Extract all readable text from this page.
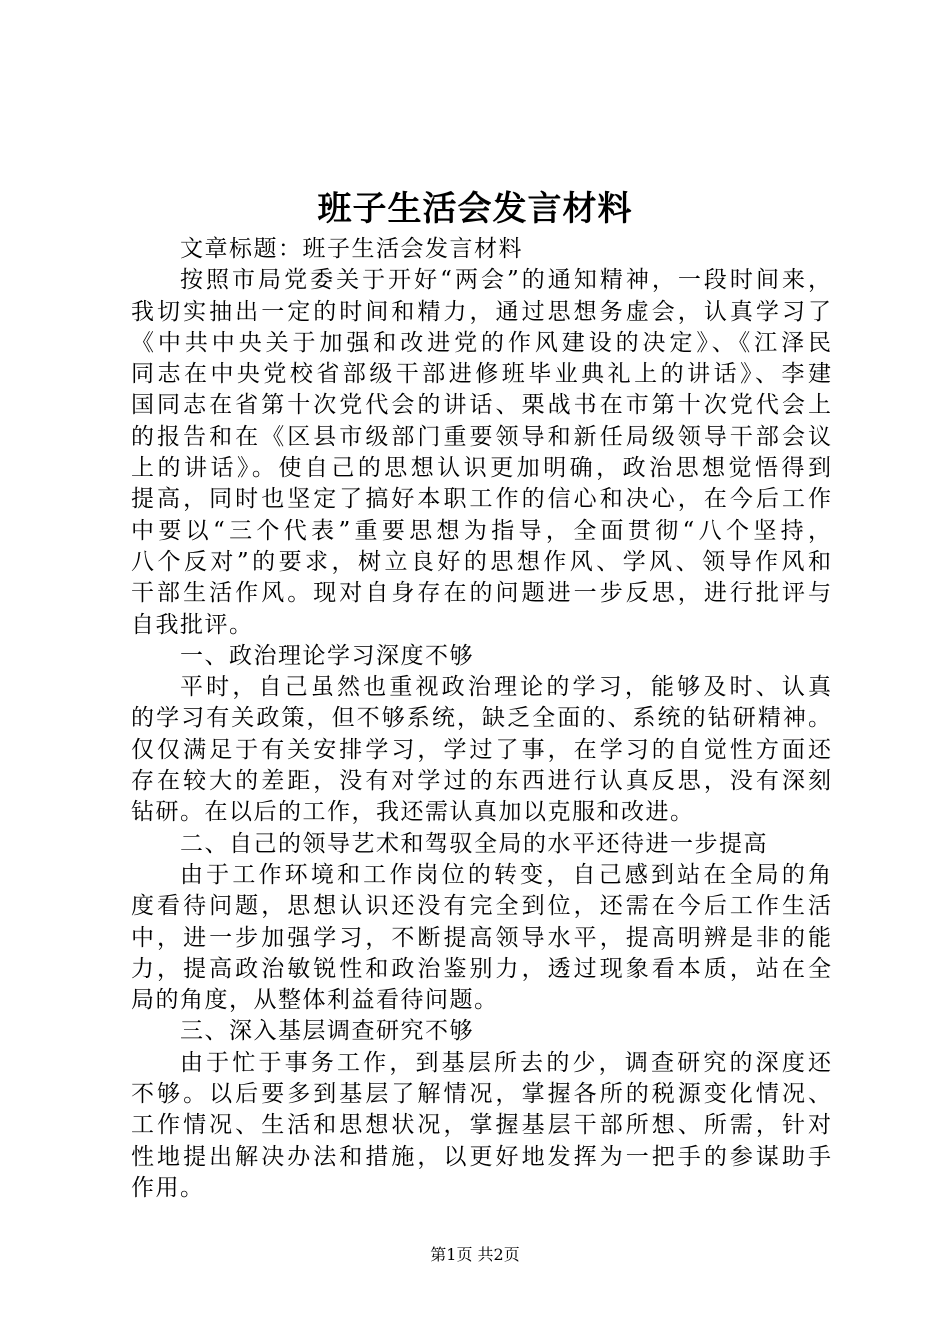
班子生活会发言材料
文章标题：班子生活会发言材料
按照市局党委关于开好“两会”的通知精神，一段时间来，
我切实抽出一定的时间和精力，通过思想务虚会，认真学习了
《中共中央关于加强和改进党的作风建设的决定》、《江泽民
同志在中央党校省部级干部进修班毕业典礼上的讲话》、李建
国同志在省第十次党代会的讲话、栗战书在市第十次党代会上
的报告和在《区县市级部门重要领导和新任局级领导干部会议
上的讲话》。使自己的思想认识更加明确，政治思想觉悟得到
提高，同时也坚定了搞好本职工作的信心和决心，在今后工作
中要以“三个代表”重要思想为指导，全面贯彻“八个坚持，
八个反对”的要求，树立良好的思想作风、学风、领导作风和
干部生活作风。现对自身存在的问题进一步反思，进行批评与
自我批评。
一、政治理论学习深度不够
平时，自己虽然也重视政治理论的学习，能够及时、认真
的学习有关政策，但不够系统，缺乏全面的、系统的钻研精神。
仅仅满足于有关安排学习，学过了事，在学习的自觉性方面还
存在较大的差距，没有对学过的东西进行认真反思，没有深刻
钻研。在以后的工作，我还需认真加以克服和改进。
二、自己的领导艺术和驾驭全局的水平还待进一步提高
由于工作环境和工作岗位的转变，自己感到站在全局的角
度看待问题，思想认识还没有完全到位，还需在今后工作生活
中，进一步加强学习，不断提高领导水平，提高明辨是非的能
力，提高政治敏锐性和政治鉴别力，透过现象看本质，站在全
局的角度，从整体利益看待问题。
三、深入基层调查研究不够
由于忙于事务工作，到基层所去的少，调查研究的深度还
不够。以后要多到基层了解情况，掌握各所的税源变化情况、
工作情况、生活和思想状况，掌握基层干部所想、所需，针对
性地提出解决办法和措施，以更好地发挥为一把手的参谋助手
作用。
第1页 共2页
